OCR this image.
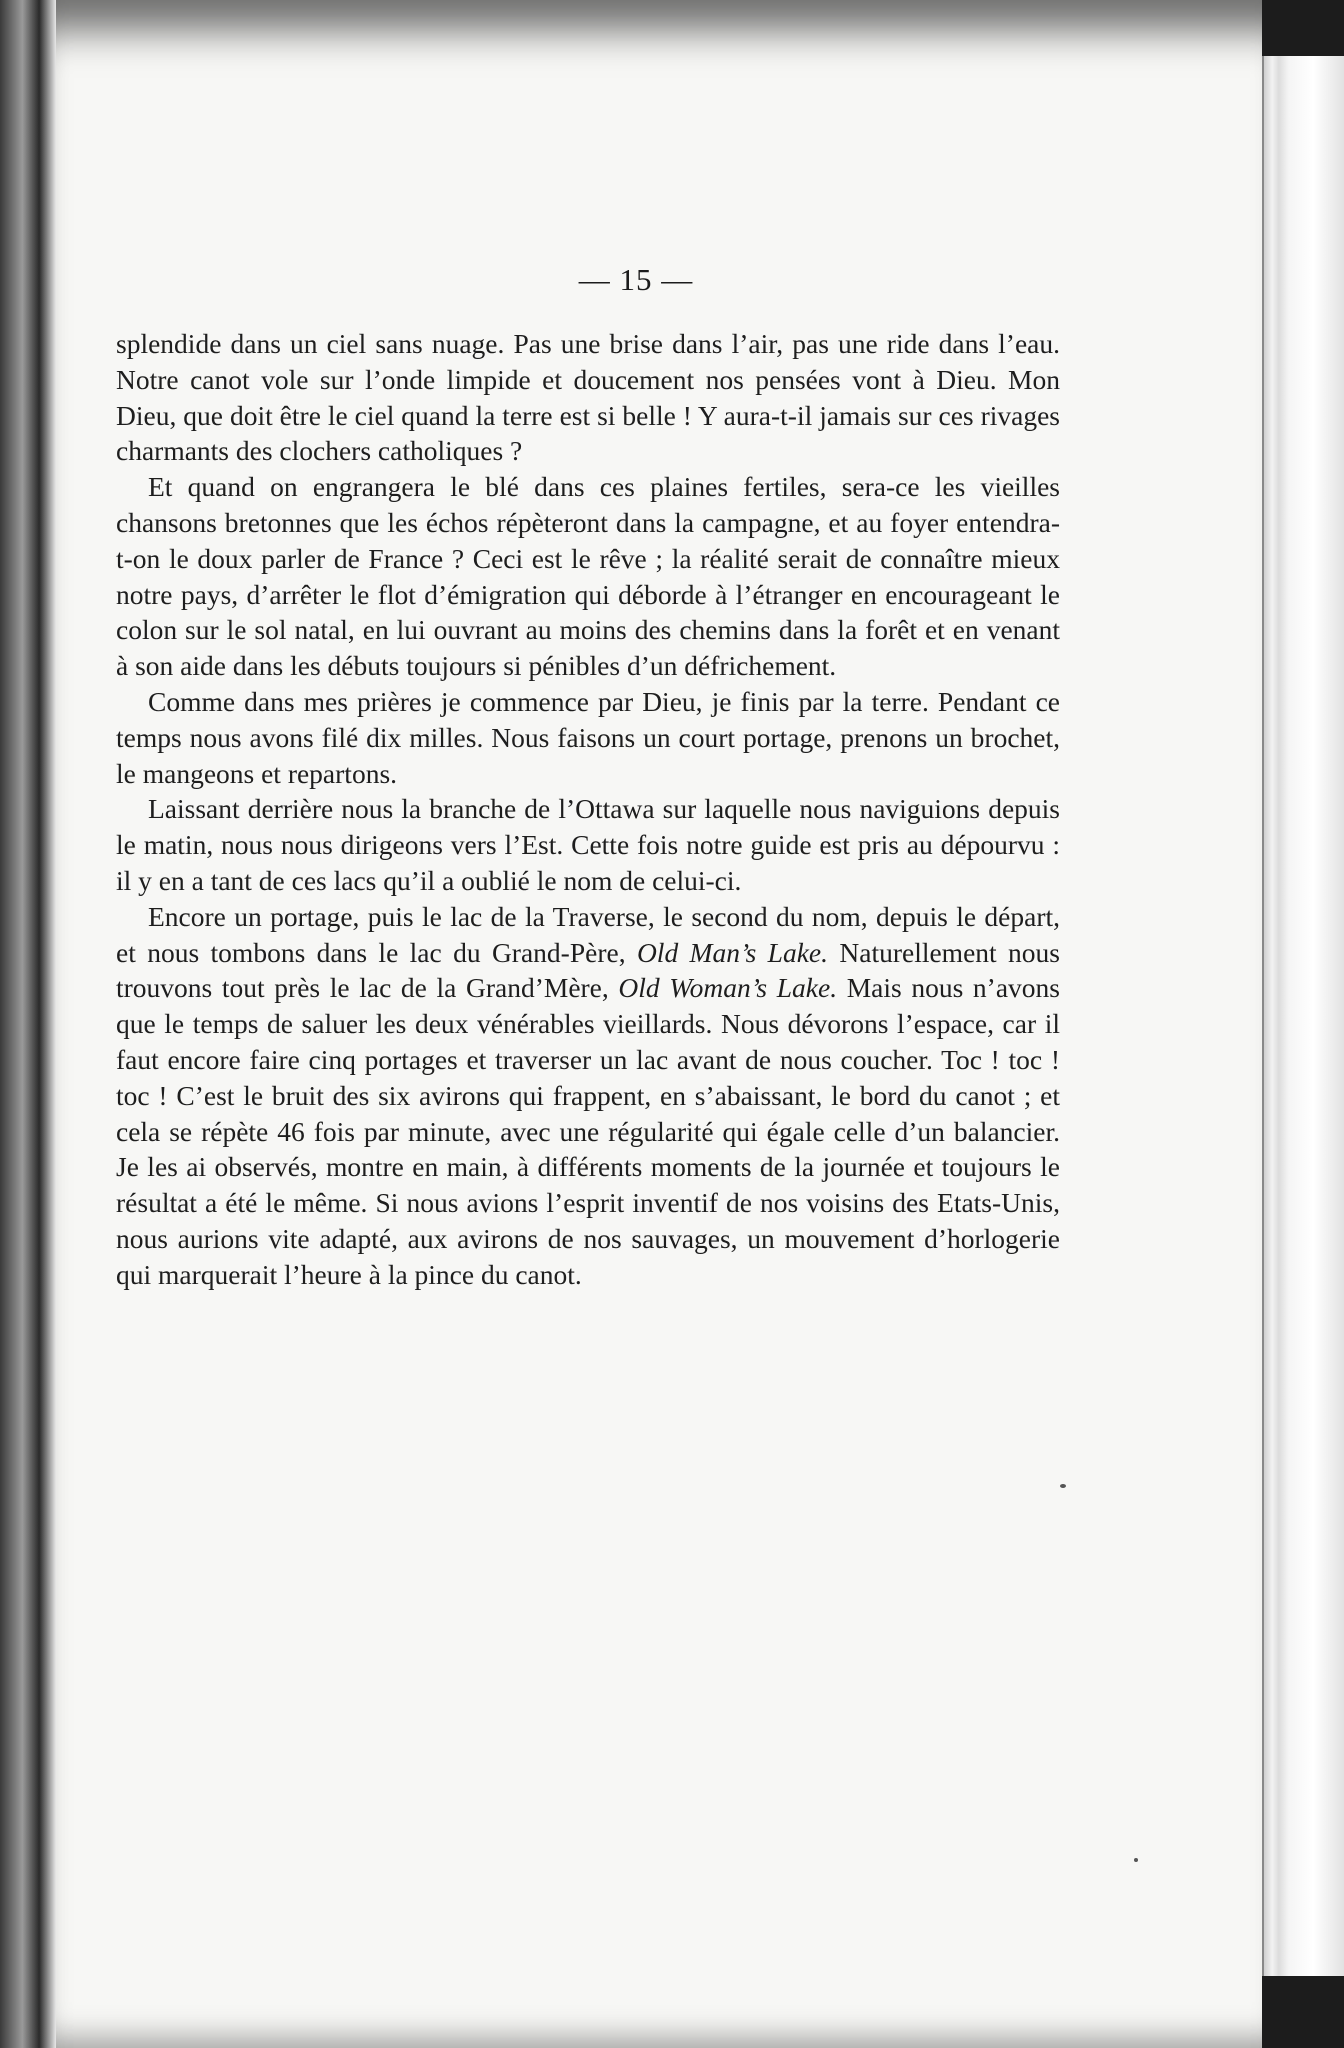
— 15 —

splendide dans un ciel sans nuage. Pas une brise dans l’air, pas une ride dans l’eau. Notre canot vole sur l’onde limpide et doucement nos pensées vont à Dieu. Mon Dieu, que doit être le ciel quand la terre est si belle ! Y aura-t-il jamais sur ces rivages charmants des clochers catholiques ?

Et quand on engrangera le blé dans ces plaines fertiles, sera-ce les vieilles chansons bretonnes que les échos répèteront dans la campagne, et au foyer entendra-t-on le doux parler de France ? Ceci est le rêve ; la réalité serait de connaître mieux notre pays, d’arrêter le flot d’émigration qui déborde à l’étranger en encourageant le colon sur le sol natal, en lui ouvrant au moins des chemins dans la forêt et en venant à son aide dans les débuts toujours si pénibles d’un défrichement.

Comme dans mes prières je commence par Dieu, je finis par la terre. Pendant ce temps nous avons filé dix milles. Nous faisons un court portage, prenons un brochet, le mangeons et repartons.

Laissant derrière nous la branche de l’Ottawa sur laquelle nous naviguions depuis le matin, nous nous dirigeons vers l’Est. Cette fois notre guide est pris au dépourvu : il y en a tant de ces lacs qu’il a oublié le nom de celui-ci.

Encore un portage, puis le lac de la Traverse, le second du nom, depuis le départ, et nous tombons dans le lac du Grand-Père, Old Man’s Lake. Naturellement nous trouvons tout près le lac de la Grand’Mère, Old Woman’s Lake. Mais nous n’avons que le temps de saluer les deux vénérables vieillards. Nous dévorons l’espace, car il faut encore faire cinq portages et traverser un lac avant de nous coucher. Toc ! toc ! toc ! C’est le bruit des six avirons qui frappent, en s’abaissant, le bord du canot ; et cela se répète 46 fois par minute, avec une régularité qui égale celle d’un balancier. Je les ai observés, montre en main, à différents moments de la journée et toujours le résultat a été le même. Si nous avions l’esprit inventif de nos voisins des Etats-Unis, nous aurions vite adapté, aux avirons de nos sauvages, un mouvement d’horlogerie qui marquerait l’heure à la pince du canot.
